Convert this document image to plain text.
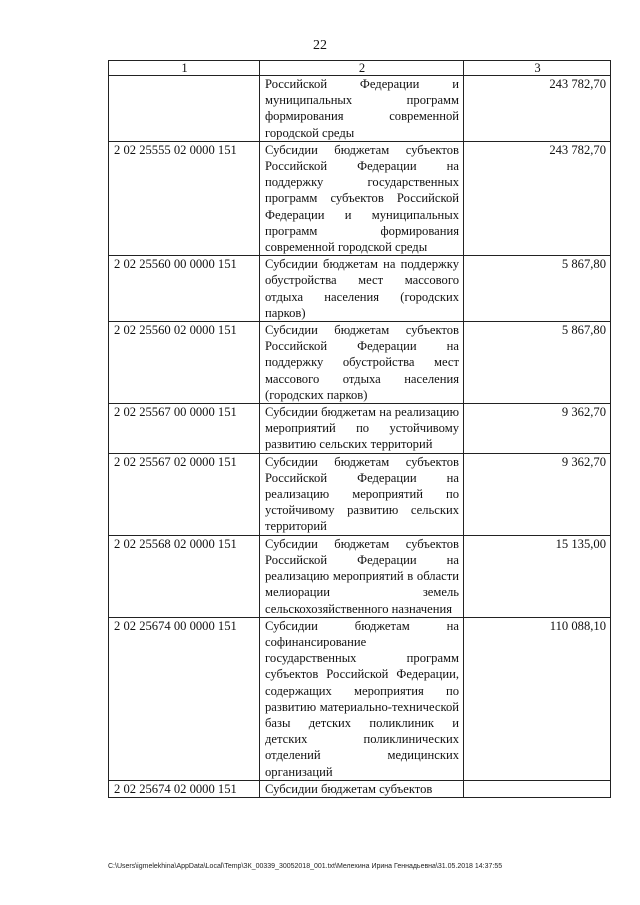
22
1	2	3
	Российской Федерации и муниципальных программ формирования современной городской среды	243 782,70
2 02 25555 02 0000 151	Субсидии бюджетам субъектов Российской Федерации на поддержку государственных программ субъектов Российской Федерации и муниципальных программ формирования современной городской среды	243 782,70
2 02 25560 00 0000 151	Субсидии бюджетам на поддержку обустройства мест массового отдыха населения (городских парков)	5 867,80
2 02 25560 02 0000 151	Субсидии бюджетам субъектов Российской Федерации на поддержку обустройства мест массового отдыха населения (городских парков)	5 867,80
2 02 25567 00 0000 151	Субсидии бюджетам на реализацию мероприятий по устойчивому развитию сельских территорий	9 362,70
2 02 25567 02 0000 151	Субсидии бюджетам субъектов Российской Федерации на реализацию мероприятий по устойчивому развитию сельских территорий	9 362,70
2 02 25568 02 0000 151	Субсидии бюджетам субъектов Российской Федерации на реализацию мероприятий в области мелиорации земель сельскохозяйственного назначения	15 135,00
2 02 25674 00 0000 151	Субсидии бюджетам на софинансирование государственных программ субъектов Российской Федерации, содержащих мероприятия по развитию материально-технической базы детских поликлиник и детских поликлинических отделений медицинских организаций	110 088,10
2 02 25674 02 0000 151	Субсидии бюджетам субъектов	
C:\Users\igmelekhina\AppData\Local\Temp\ЗК_00339_30052018_001.txt\Мелехина Ирина Геннадьевна\31.05.2018 14:37:55
